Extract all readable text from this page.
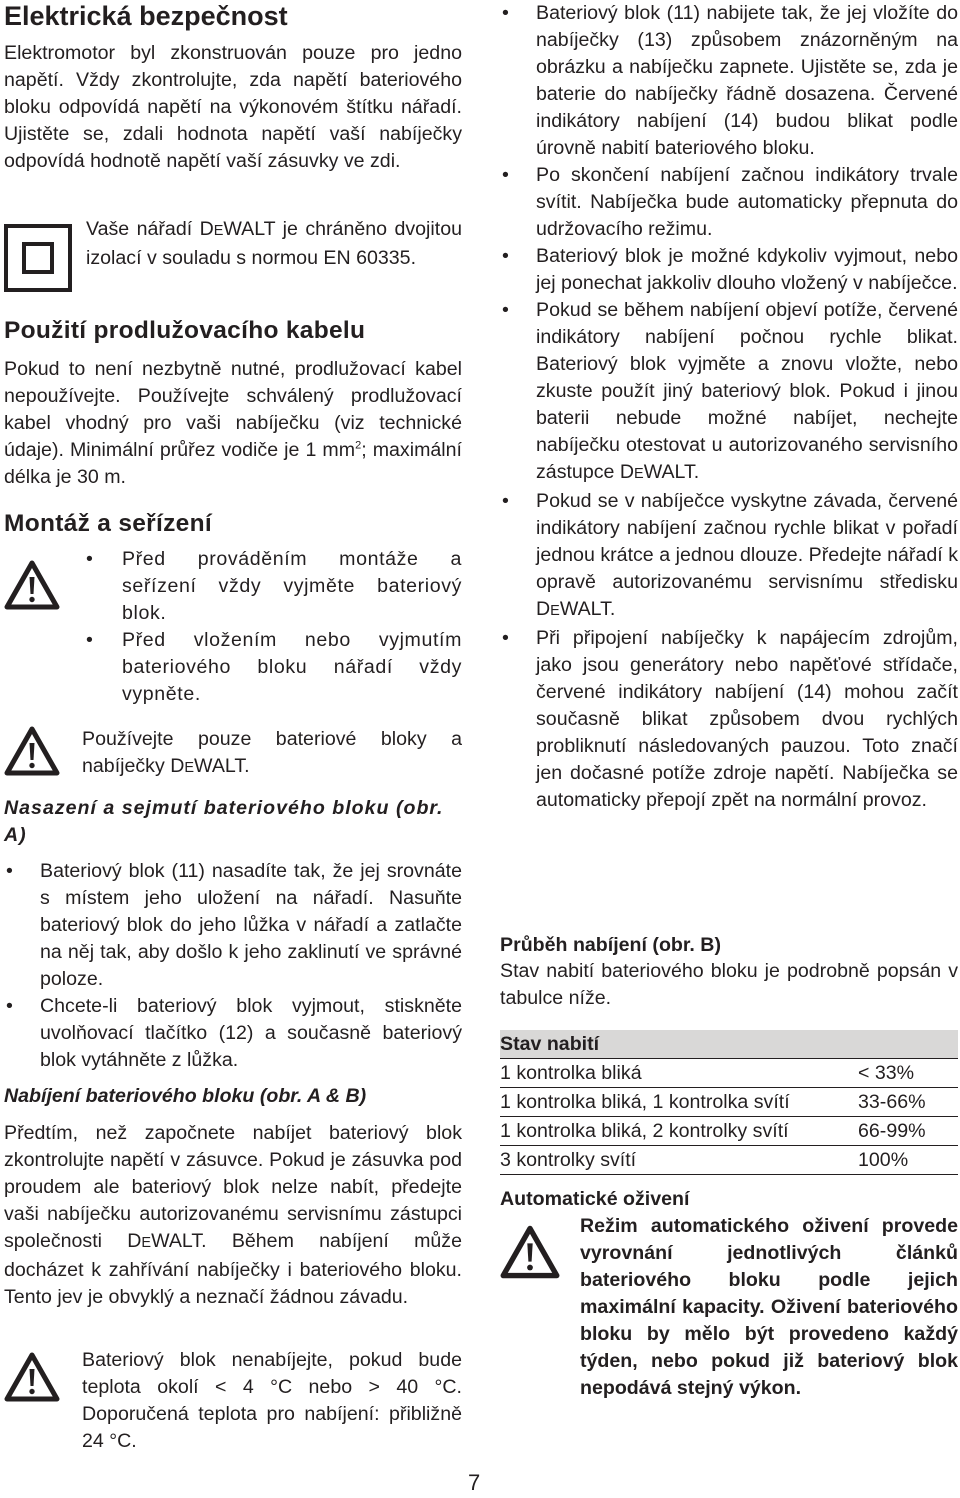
Elektrická bezpečnost

Elektromotor byl zkonstruován pouze pro jedno napětí. Vždy zkontrolujte, zda napětí bateriového bloku odpovídá napětí na výkonovém štítku nářadí. Ujistěte se, zdali hodnota napětí vaší nabíječky odpovídá hodnotě napětí vaší zásuvky ve zdi.

Vaše nářadí DEWALT je chráněno dvojitou izolací v souladu s normou EN 60335.

Použití prodlužovacího kabelu

Pokud to není nezbytně nutné, prodlužovací kabel nepoužívejte. Používejte schválený prodlužovací kabel vhodný pro vaši nabíječku (viz technické údaje). Minimální průřez vodiče je 1 $mm^2$; maximální délka je 30 m.

Montáž a seřízení
• Před prováděním montáže a seřízení vždy vyjměte bateriový blok.
• Před vložením nebo vyjmutím bateriového bloku nářadí vždy vypněte.

Používejte pouze bateriové bloky a nabíječky DEWALT.

Nasazení a sejmutí bateriového bloku (obr. A)
• Bateriový blok (11) nasadíte tak, že jej srovnáte s místem jeho uložení na nářadí. Nasuňte bateriový blok do jeho lůžka v nářadí a zatlačte na něj tak, aby došlo k jeho zaklinutí ve správné poloze.
• Chcete-li bateriový blok vyjmout, stiskněte uvolňovací tlačítko (12) a současně bateriový blok vytáhněte z lůžka.
Nabíjení bateriového bloku (obr. A & B)

Předtím, než započnete nabíjet bateriový blok zkontrolujte napětí v zásuvce. Pokud je zásuvka pod proudem ale bateriový blok nelze nabít, předejte vaši nabíječku autorizovanému servisnímu zástupci společnosti DEWALT. Během nabíjení může docházet k zahřívání nabíječky i bateriového bloku. Tento jev je obvyklý a neznačí žádnou závadu.

Bateriový blok nenabíjejte, pokud bude teplota okolí < 4 °C nebo > 40 °C. Doporučená teplota pro nabíjení: přibližně 24 °C.

• Bateriový blok (11) nabijete tak, že jej vložíte do nabíječky (13) způsobem znázorněným na obrázku a nabíječku zapnete. Ujistěte se, zda je baterie do nabíječky řádně dosazena. Červené indikátory nabíjení (14) budou blikat podle úrovně nabití bateriového bloku.
• Po skončení nabíjení začnou indikátory trvale svítit. Nabíječka bude automaticky přepnuta do udržovacího režimu.
• Bateriový blok je možné kdykoliv vyjmout, nebo jej ponechat jakkoliv dlouho vložený v nabíječce.
• Pokud se během nabíjení objeví potíže, červené indikátory nabíjení počnou rychle blikat. Bateriový blok vyjměte a znovu vložte, nebo zkuste použít jiný bateriový blok. Pokud i jinou baterii nebude možné nabíjet, nechejte nabíječku otestovat u autorizovaného servisního zástupce DEWALT.
• Pokud se v nabíječce vyskytne závada, červené indikátory nabíjení začnou rychle blikat v pořadí jednou krátce a jednou dlouze. Předejte nářadí k opravě autorizovanému servisnímu středisku DEWALT.
• Při připojení nabíječky k napájecím zdrojům, jako jsou generátory nebo napěťové střídače, červené indikátory nabíjení (14) mohou začít současně blikat způsobem dvou rychlých probliknutí následovaných pauzou. Toto značí jen dočasné potíže zdroje napětí. Nabíječka se automaticky přepojí zpět na normální provoz.
Průběh nabíjení (obr. B)

Stav nabití bateriového bloku je podrobně popsán v tabulce níže.

Stav nabití	
1 kontrolka bliká	< 33%
1 kontrolka bliká, 1 kontrolka svítí	33-66%
1 kontrolka bliká, 2 kontrolky svítí	66-99%
3 kontrolky svítí	100%
Automatické oživení

Režim automatického oživení provede vyrovnání jednotlivých článků bateriového bloku podle jejich maximální kapacity. Oživení bateriového bloku by mělo být provedeno každý týden, nebo pokud již bateriový blok nepodává stejný výkon.

7
